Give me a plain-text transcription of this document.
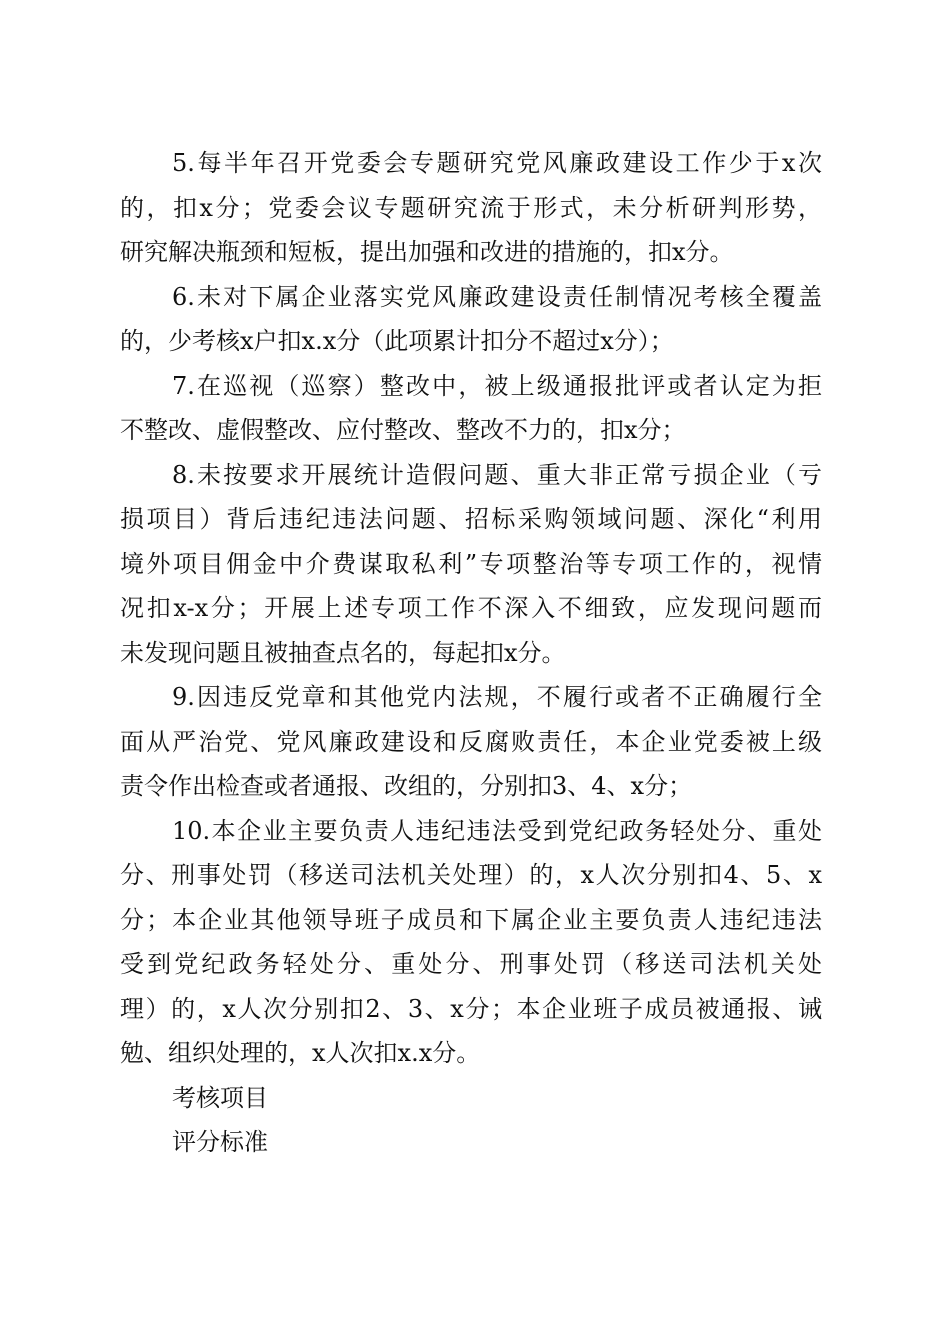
5.每半年召开党委会专题研究党风廉政建设工作少于x次
的，扣x分；党委会议专题研究流于形式，未分析研判形势，
研究解决瓶颈和短板，提出加强和改进的措施的，扣x分。
6.未对下属企业落实党风廉政建设责任制情况考核全覆盖
的，少考核x户扣x.x分（此项累计扣分不超过x分）；
7.在巡视（巡察）整改中，被上级通报批评或者认定为拒
不整改、虚假整改、应付整改、整改不力的，扣x分；
8.未按要求开展统计造假问题、重大非正常亏损企业（亏
损项目）背后违纪违法问题、招标采购领域问题、深化“利用
境外项目佣金中介费谋取私利”专项整治等专项工作的，视情
况扣x-x分；开展上述专项工作不深入不细致，应发现问题而
未发现问题且被抽查点名的，每起扣x分。
9.因违反党章和其他党内法规，不履行或者不正确履行全
面从严治党、党风廉政建设和反腐败责任，本企业党委被上级
责令作出检查或者通报、改组的，分别扣3、4、x分；
10.本企业主要负责人违纪违法受到党纪政务轻处分、重处
分、刑事处罚（移送司法机关处理）的，x人次分别扣4、5、x
分；本企业其他领导班子成员和下属企业主要负责人违纪违法
受到党纪政务轻处分、重处分、刑事处罚（移送司法机关处
理）的，x人次分别扣2、3、x分；本企业班子成员被通报、诫
勉、组织处理的，x人次扣x.x分。
考核项目
评分标准
